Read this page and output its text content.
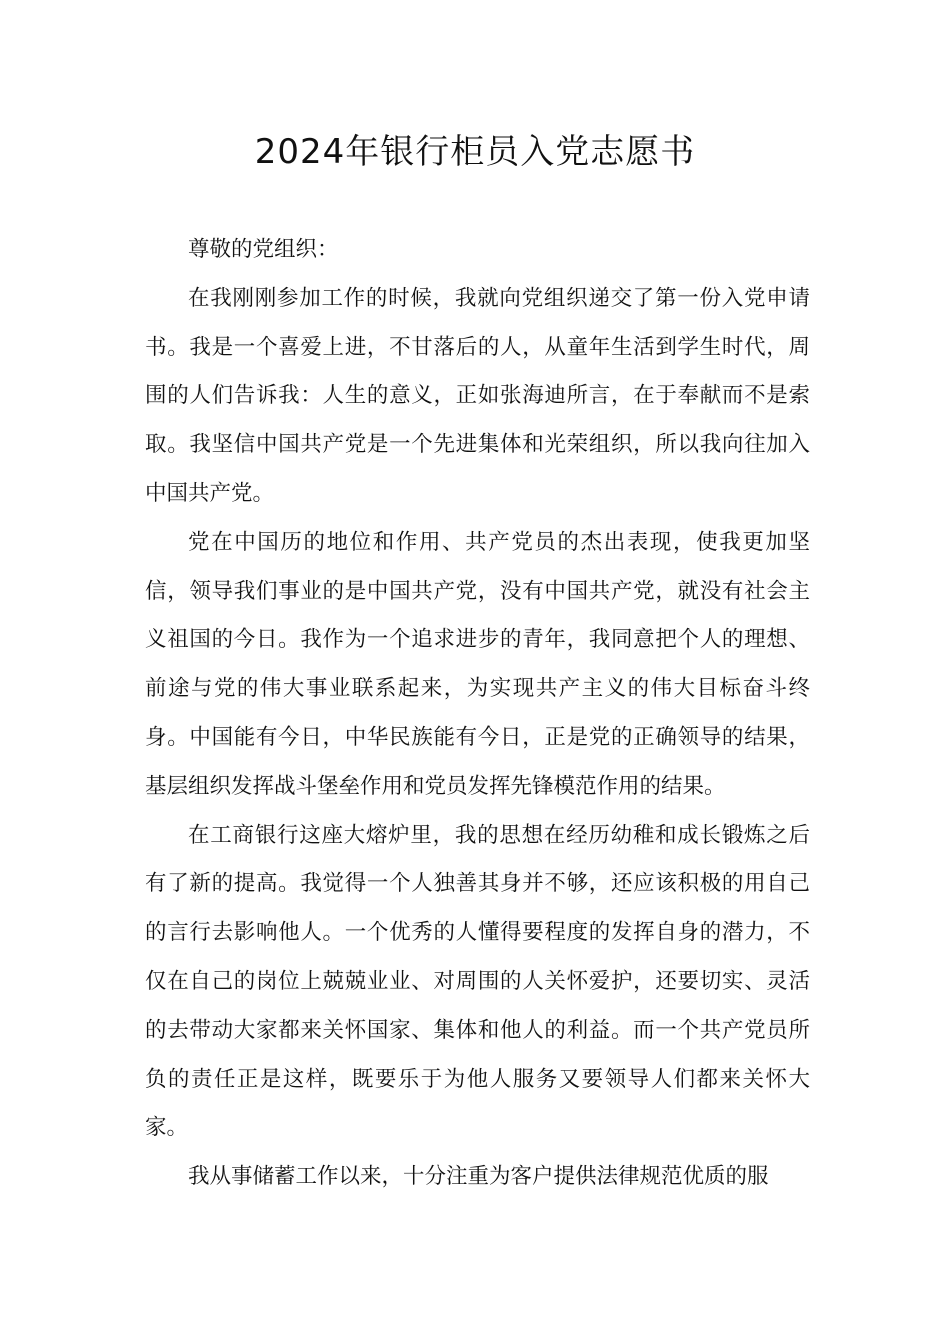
2024年银行柜员入党志愿书

尊敬的党组织：

在我刚刚参加工作的时候，我就向党组织递交了第一份入党申请书。我是一个喜爱上进，不甘落后的人，从童年生活到学生时代，周围的人们告诉我：人生的意义，正如张海迪所言，在于奉献而不是索取。我坚信中国共产党是一个先进集体和光荣组织，所以我向往加入中国共产党。

党在中国历的地位和作用、共产党员的杰出表现，使我更加坚信，领导我们事业的是中国共产党，没有中国共产党，就没有社会主义祖国的今日。我作为一个追求进步的青年，我同意把个人的理想、前途与党的伟大事业联系起来，为实现共产主义的伟大目标奋斗终身。中国能有今日，中华民族能有今日，正是党的正确领导的结果，基层组织发挥战斗堡垒作用和党员发挥先锋模范作用的结果。

在工商银行这座大熔炉里，我的思想在经历幼稚和成长锻炼之后有了新的提高。我觉得一个人独善其身并不够，还应该积极的用自己的言行去影响他人。一个优秀的人懂得要程度的发挥自身的潜力，不仅在自己的岗位上兢兢业业、对周围的人关怀爱护，还要切实、灵活的去带动大家都来关怀国家、集体和他人的利益。而一个共产党员所负的责任正是这样，既要乐于为他人服务又要领导人们都来关怀大家。

我从事储蓄工作以来，十分注重为客户提供法律规范优质的服
